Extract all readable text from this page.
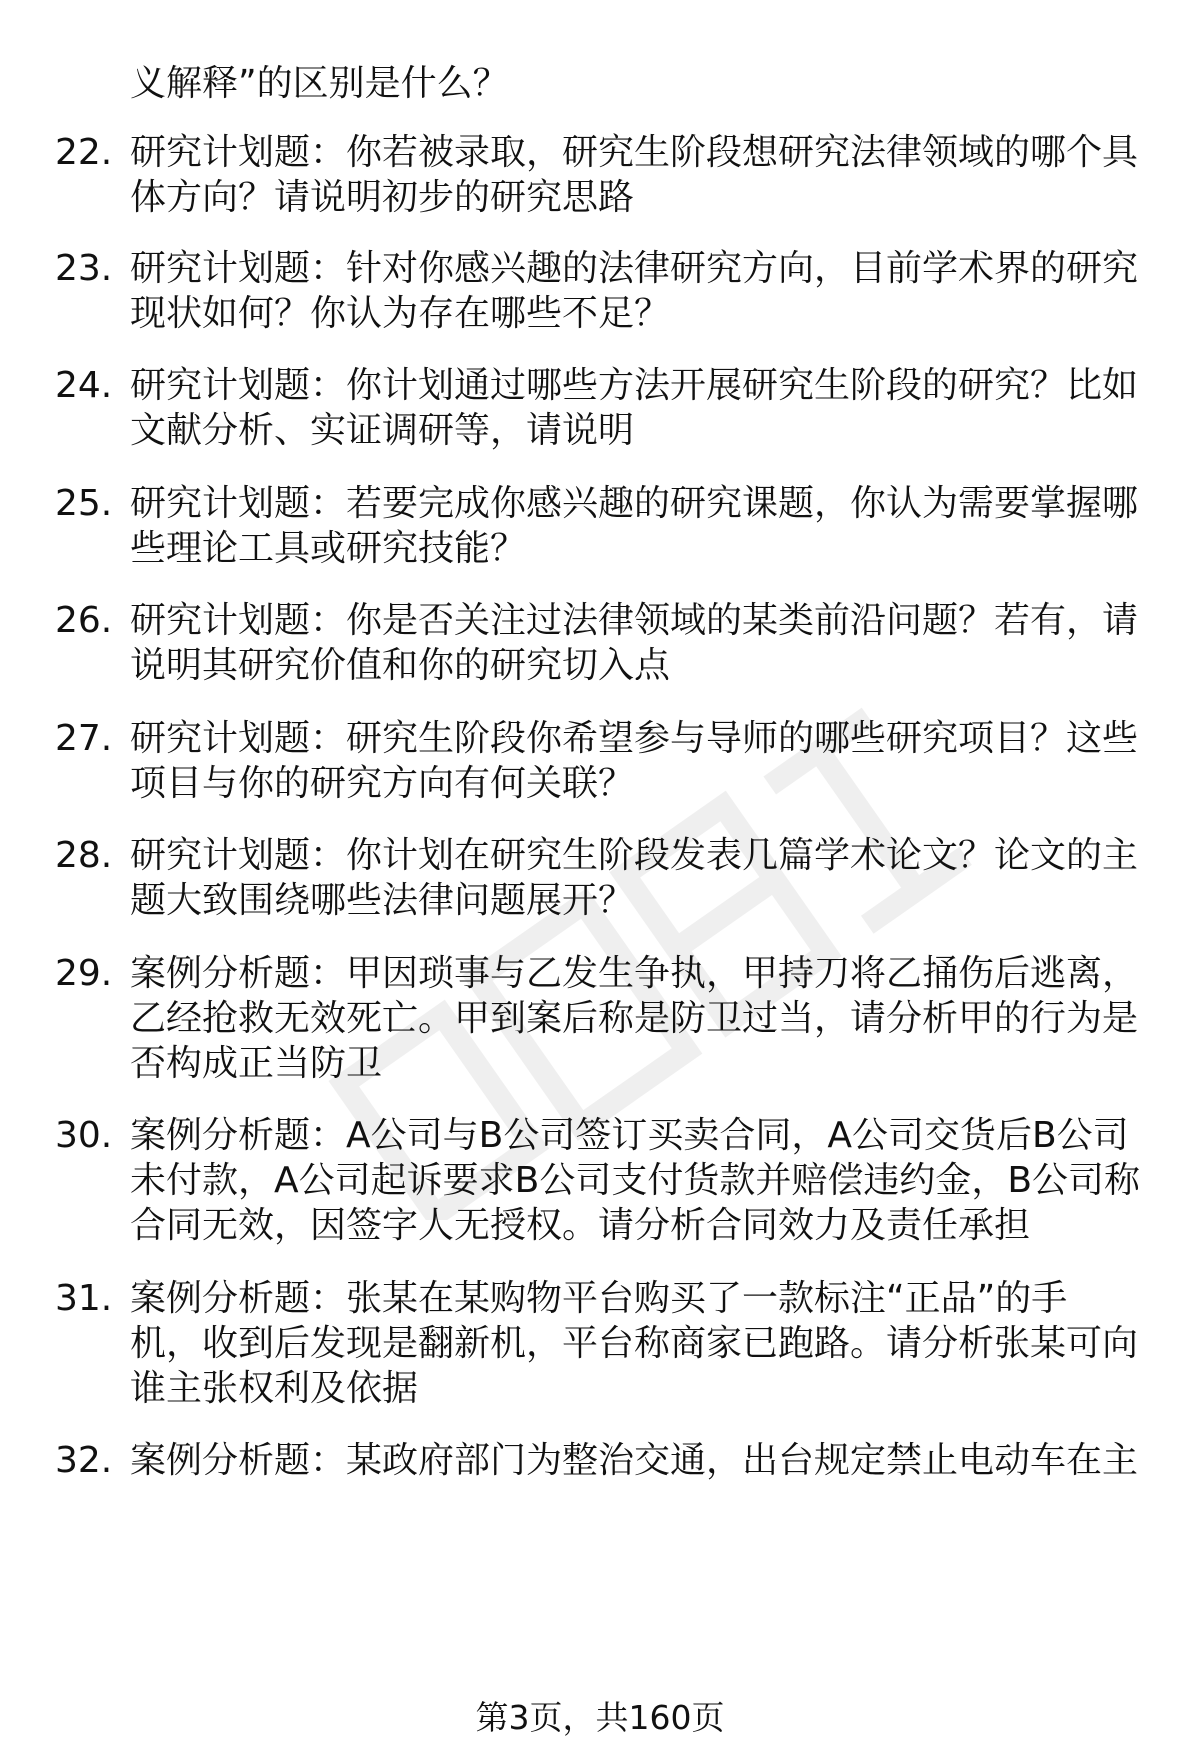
义解释”的区别是什么？
22. 研究计划题：你若被录取，研究生阶段想研究法律领域的哪个具
体方向？请说明初步的研究思路
23. 研究计划题：针对你感兴趣的法律研究方向，目前学术界的研究
现状如何？你认为存在哪些不足？
24. 研究计划题：你计划通过哪些方法开展研究生阶段的研究？比如
文献分析、实证调研等，请说明
25. 研究计划题：若要完成你感兴趣的研究课题，你认为需要掌握哪
些理论工具或研究技能？
26. 研究计划题：你是否关注过法律领域的某类前沿问题？若有，请
说明其研究价值和你的研究切入点
27. 研究计划题：研究生阶段你希望参与导师的哪些研究项目？这些
项目与你的研究方向有何关联？
28. 研究计划题：你计划在研究生阶段发表几篇学术论文？论文的主
题大致围绕哪些法律问题展开？
29. 案例分析题：甲因琐事与乙发生争执，甲持刀将乙捅伤后逃离，
乙经抢救无效死亡。甲到案后称是防卫过当，请分析甲的行为是
否构成正当防卫
30. 案例分析题：A公司与B公司签订买卖合同，A公司交货后B公司
未付款，A公司起诉要求B公司支付货款并赔偿违约金，B公司称
合同无效，因签字人无授权。请分析合同效力及责任承担
31. 案例分析题：张某在某购物平台购买了一款标注“正品”的手
机，收到后发现是翻新机，平台称商家已跑路。请分析张某可向
谁主张权利及依据
32. 案例分析题：某政府部门为整治交通，出台规定禁止电动车在主
第3页，共160页
